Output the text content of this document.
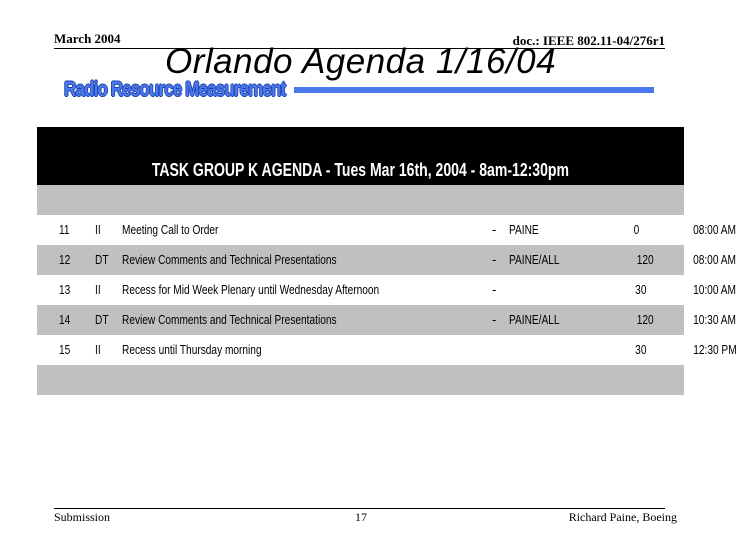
March 2004	doc.: IEEE 802.11-04/276r1
Orlando Agenda 1/16/04
Radio Resource Measurement
TASK GROUP K AGENDA - Tues Mar 16th, 2004 - 8am-12:30pm
11 II Meeting Call to Order	- PAINE	0	08:00 AM
12 DT Review Comments and Technical Presentations	- PAINE/ALL	120	08:00 AM
13 II Recess for Mid Week Plenary until Wednesday Afternoon	-	30	10:00 AM
14 DT Review Comments and Technical Presentations	- PAINE/ALL	120	10:30 AM
15 II Recess until Thursday morning	30	12:30 PM
Submission	17	Richard Paine, Boeing
